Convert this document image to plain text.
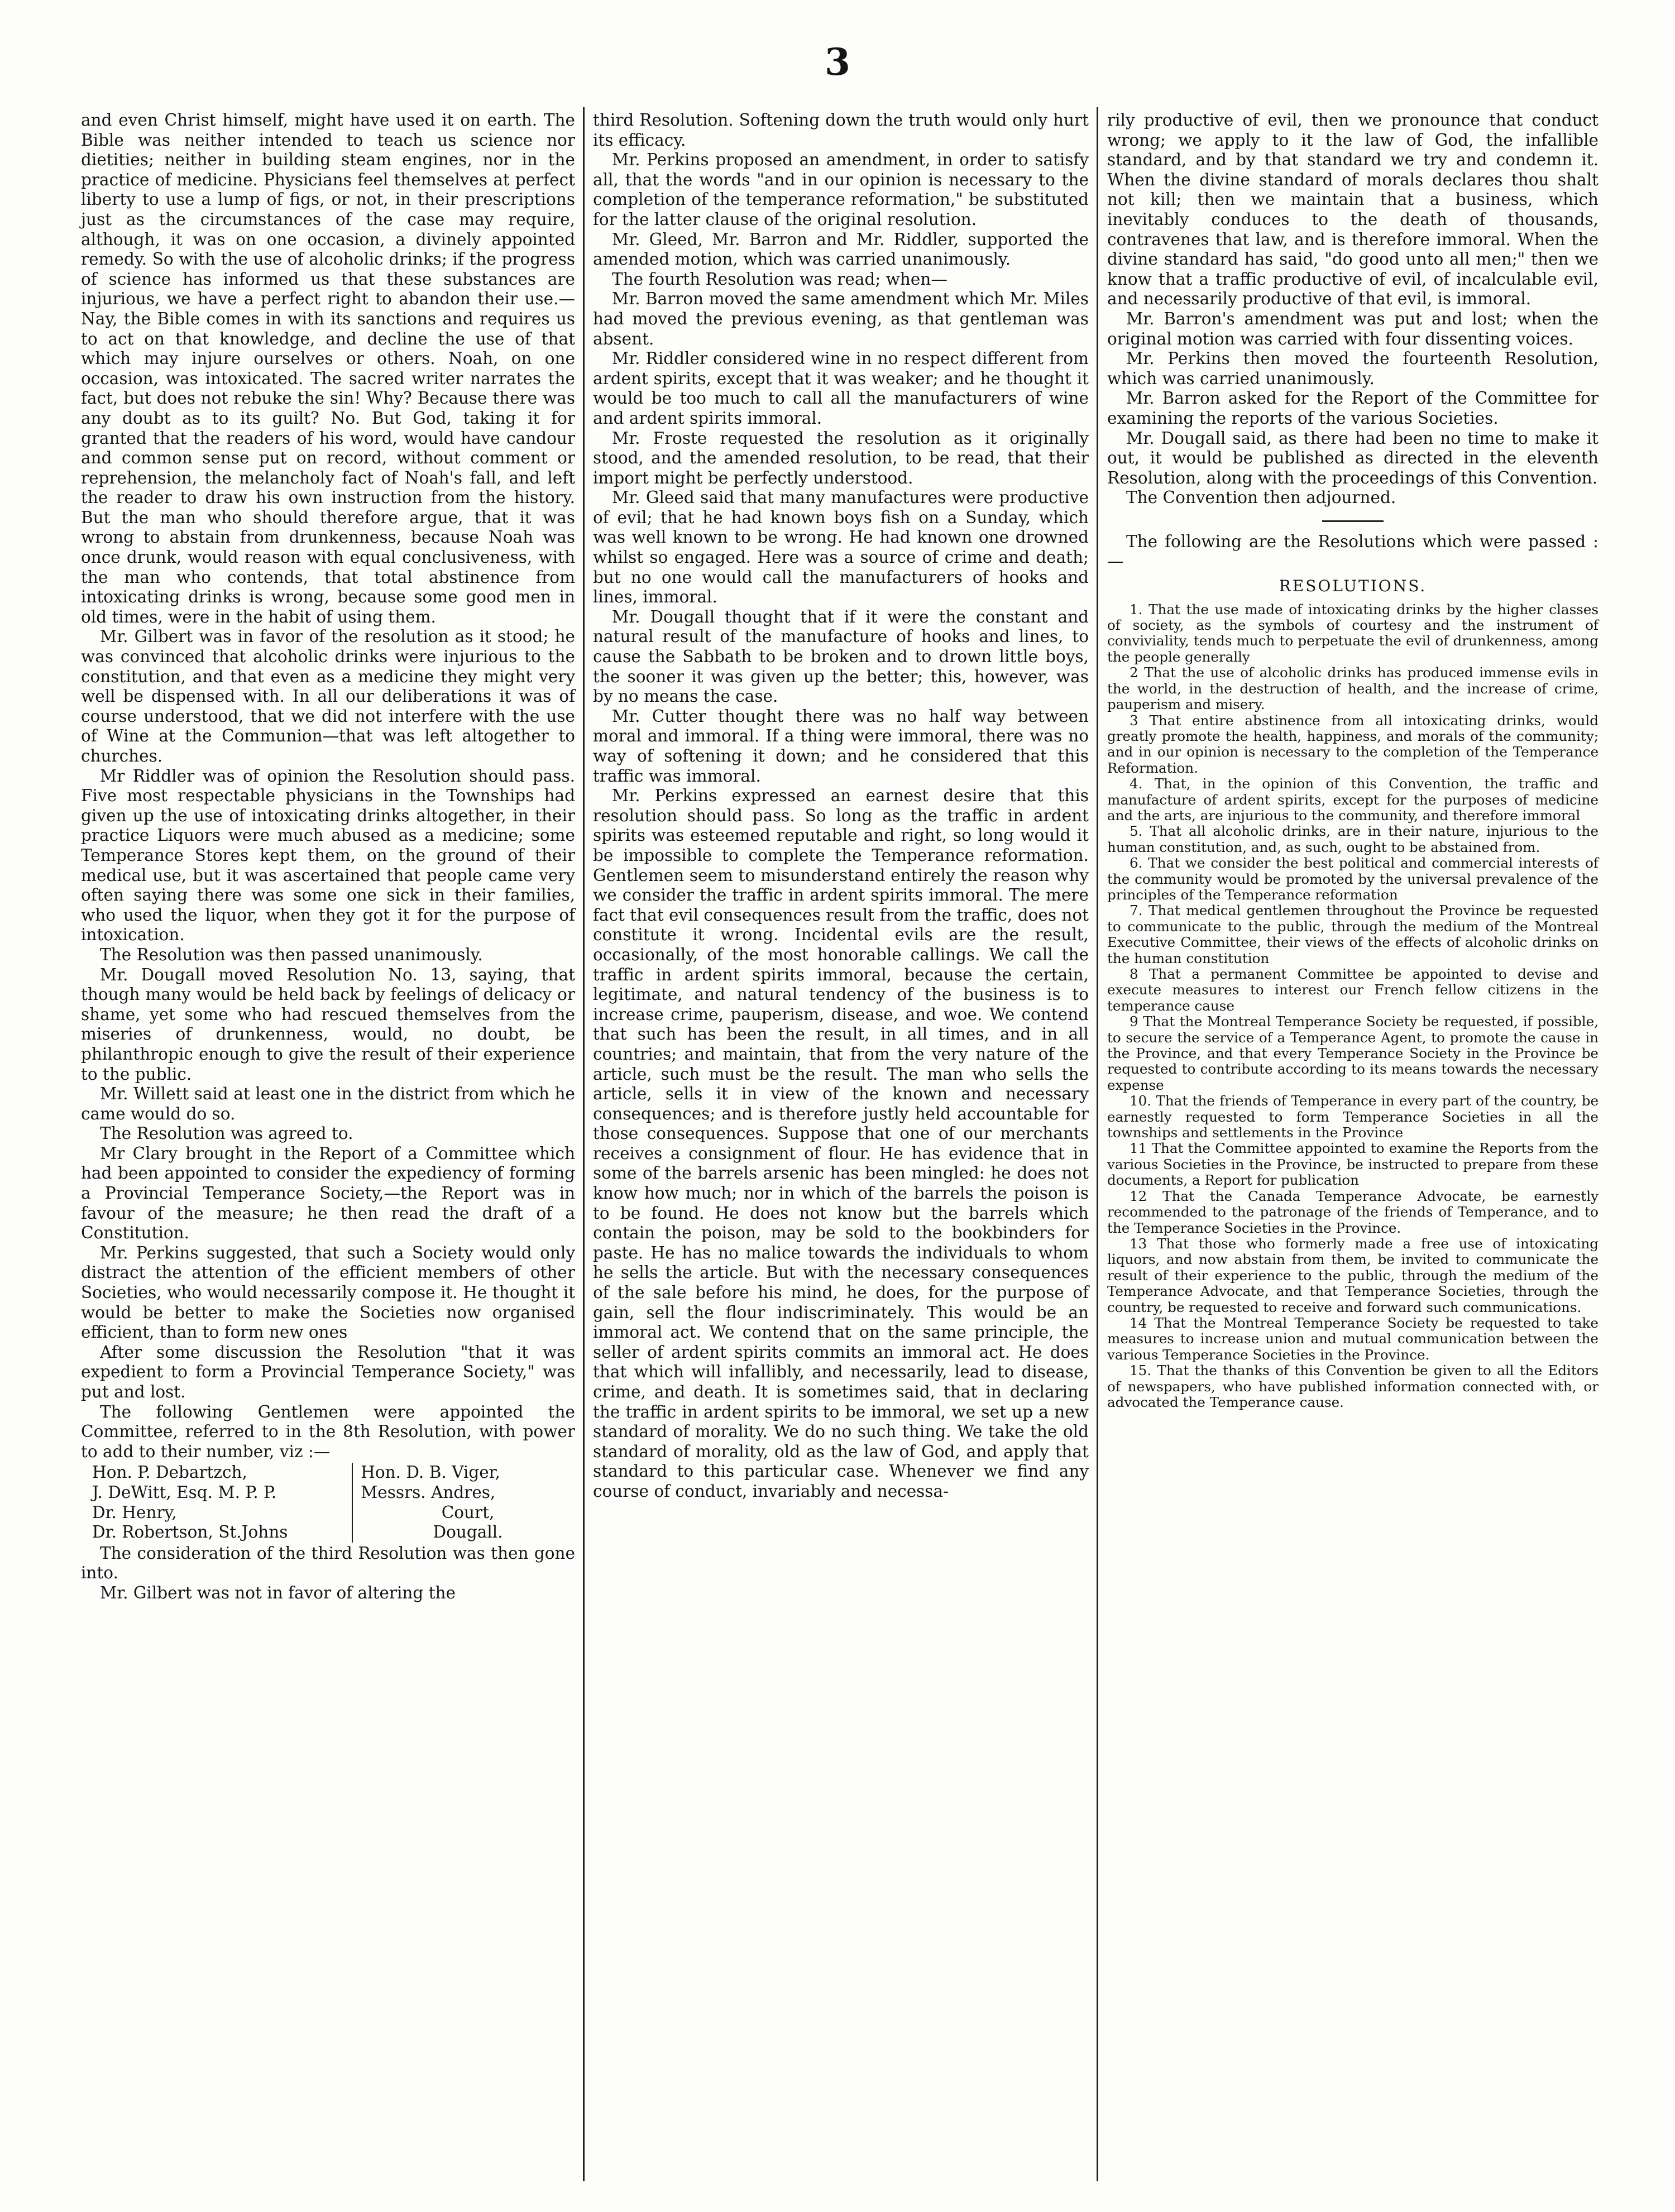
3

and even Christ himself, might have used it on earth. The Bible was neither intended to teach us science nor dietities; neither in building steam engines, nor in the practice of medicine. Physicians feel themselves at perfect liberty to use a lump of figs, or not, in their prescriptions just as the circumstances of the case may require, although, it was on one occasion, a divinely appointed remedy. So with the use of alcoholic drinks; if the progress of science has informed us that these substances are injurious, we have a perfect right to abandon their use.—Nay, the Bible comes in with its sanctions and requires us to act on that knowledge, and decline the use of that which may injure ourselves or others. Noah, on one occasion, was intoxicated. The sacred writer narrates the fact, but does not rebuke the sin! Why? Because there was any doubt as to its guilt? No. But God, taking it for granted that the readers of his word, would have candour and common sense put on record, without comment or reprehension, the melancholy fact of Noah's fall, and left the reader to draw his own instruction from the history. But the man who should therefore argue, that it was wrong to abstain from drunkenness, because Noah was once drunk, would reason with equal conclusiveness, with the man who contends, that total abstinence from intoxicating drinks is wrong, because some good men in old times, were in the habit of using them.

Mr. Gilbert was in favor of the resolution as it stood; he was convinced that alcoholic drinks were injurious to the constitution, and that even as a medicine they might very well be dispensed with. In all our deliberations it was of course understood, that we did not interfere with the use of Wine at the Communion—that was left altogether to churches.

Mr Riddler was of opinion the Resolution should pass. Five most respectable physicians in the Townships had given up the use of intoxicating drinks altogether, in their practice Liquors were much abused as a medicine; some Temperance Stores kept them, on the ground of their medical use, but it was ascertained that people came very often saying there was some one sick in their families, who used the liquor, when they got it for the purpose of intoxication.

The Resolution was then passed unanimously.

Mr. Dougall moved Resolution No. 13, saying, that though many would be held back by feelings of delicacy or shame, yet some who had rescued themselves from the miseries of drunkenness, would, no doubt, be philanthropic enough to give the result of their experience to the public.

Mr. Willett said at least one in the district from which he came would do so.

The Resolution was agreed to.

Mr Clary brought in the Report of a Committee which had been appointed to consider the expediency of forming a Provincial Temperance Society,—the Report was in favour of the measure; he then read the draft of a Constitution.

Mr. Perkins suggested, that such a Society would only distract the attention of the efficient members of other Societies, who would necessarily compose it. He thought it would be better to make the Societies now organised efficient, than to form new ones

After some discussion the Resolution "that it was expedient to form a Provincial Temperance Society," was put and lost.

The following Gentlemen were appointed the Committee, referred to in the 8th Resolution, with power to add to their number, viz :—

Hon. P. Debartzch,
J. DeWitt, Esq. M. P. P.
Dr. Henry,
Dr. Robertson, St.Johns
Hon. D. B. Viger,
Messrs. Andres,
Court,
Dougall.

The consideration of the third Resolution was then gone into.

Mr. Gilbert was not in favor of altering the

third Resolution. Softening down the truth would only hurt its efficacy.

Mr. Perkins proposed an amendment, in order to satisfy all, that the words "and in our opinion is necessary to the completion of the temperance reformation," be substituted for the latter clause of the original resolution.

Mr. Gleed, Mr. Barron and Mr. Riddler, supported the amended motion, which was carried unanimously.

The fourth Resolution was read; when—

Mr. Barron moved the same amendment which Mr. Miles had moved the previous evening, as that gentleman was absent.

Mr. Riddler considered wine in no respect different from ardent spirits, except that it was weaker; and he thought it would be too much to call all the manufacturers of wine and ardent spirits immoral.

Mr. Froste requested the resolution as it originally stood, and the amended resolution, to be read, that their import might be perfectly understood.

Mr. Gleed said that many manufactures were productive of evil; that he had known boys fish on a Sunday, which was well known to be wrong. He had known one drowned whilst so engaged. Here was a source of crime and death; but no one would call the manufacturers of hooks and lines, immoral.

Mr. Dougall thought that if it were the constant and natural result of the manufacture of hooks and lines, to cause the Sabbath to be broken and to drown little boys, the sooner it was given up the better; this, however, was by no means the case.

Mr. Cutter thought there was no half way between moral and immoral. If a thing were immoral, there was no way of softening it down; and he considered that this traffic was immoral.

Mr. Perkins expressed an earnest desire that this resolution should pass. So long as the traffic in ardent spirits was esteemed reputable and right, so long would it be impossible to complete the Temperance reformation. Gentlemen seem to misunderstand entirely the reason why we consider the traffic in ardent spirits immoral. The mere fact that evil consequences result from the traffic, does not constitute it wrong. Incidental evils are the result, occasionally, of the most honorable callings. We call the traffic in ardent spirits immoral, because the certain, legitimate, and natural tendency of the business is to increase crime, pauperism, disease, and woe. We contend that such has been the result, in all times, and in all countries; and maintain, that from the very nature of the article, such must be the result. The man who sells the article, sells it in view of the known and necessary consequences; and is therefore justly held accountable for those consequences. Suppose that one of our merchants receives a consignment of flour. He has evidence that in some of the barrels arsenic has been mingled: he does not know how much; nor in which of the barrels the poison is to be found. He does not know but the barrels which contain the poison, may be sold to the bookbinders for paste. He has no malice towards the individuals to whom he sells the article. But with the necessary consequences of the sale before his mind, he does, for the purpose of gain, sell the flour indiscriminately. This would be an immoral act. We contend that on the same principle, the seller of ardent spirits commits an immoral act. He does that which will infallibly, and necessarily, lead to disease, crime, and death. It is sometimes said, that in declaring the traffic in ardent spirits to be immoral, we set up a new standard of morality. We do no such thing. We take the old standard of morality, old as the law of God, and apply that standard to this particular case. Whenever we find any course of conduct, invariably and necessa-

rily productive of evil, then we pronounce that conduct wrong; we apply to it the law of God, the infallible standard, and by that standard we try and condemn it. When the divine standard of morals declares thou shalt not kill; then we maintain that a business, which inevitably conduces to the death of thousands, contravenes that law, and is therefore immoral. When the divine standard has said, "do good unto all men;" then we know that a traffic productive of evil, of incalculable evil, and necessarily productive of that evil, is immoral.

Mr. Barron's amendment was put and lost; when the original motion was carried with four dissenting voices.

Mr. Perkins then moved the fourteenth Resolution, which was carried unanimously.

Mr. Barron asked for the Report of the Committee for examining the reports of the various Societies.

Mr. Dougall said, as there had been no time to make it out, it would be published as directed in the eleventh Resolution, along with the proceedings of this Convention.

The Convention then adjourned.

The following are the Resolutions which were passed :—

RESOLUTIONS.

1. That the use made of intoxicating drinks by the higher classes of society, as the symbols of courtesy and the instrument of conviviality, tends much to perpetuate the evil of drunkenness, among the people generally

2 That the use of alcoholic drinks has produced immense evils in the world, in the destruction of health, and the increase of crime, pauperism and misery.

3 That entire abstinence from all intoxicating drinks, would greatly promote the health, happiness, and morals of the community; and in our opinion is necessary to the completion of the Temperance Reformation.

4. That, in the opinion of this Convention, the traffic and manufacture of ardent spirits, except for the purposes of medicine and the arts, are injurious to the community, and therefore immoral

5. That all alcoholic drinks, are in their nature, injurious to the human constitution, and, as such, ought to be abstained from.

6. That we consider the best political and commercial interests of the community would be promoted by the universal prevalence of the principles of the Temperance reformation

7. That medical gentlemen throughout the Province be requested to communicate to the public, through the medium of the Montreal Executive Committee, their views of the effects of alcoholic drinks on the human constitution

8 That a permanent Committee be appointed to devise and execute measures to interest our French fellow citizens in the temperance cause

9 That the Montreal Temperance Society be requested, if possible, to secure the service of a Temperance Agent, to promote the cause in the Province, and that every Temperance Society in the Province be requested to contribute according to its means towards the necessary expense

10. That the friends of Temperance in every part of the country, be earnestly requested to form Temperance Societies in all the townships and settlements in the Province

11 That the Committee appointed to examine the Reports from the various Societies in the Province, be instructed to prepare from these documents, a Report for publication

12 That the Canada Temperance Advocate, be earnestly recommended to the patronage of the friends of Temperance, and to the Temperance Societies in the Province.

13 That those who formerly made a free use of intoxicating liquors, and now abstain from them, be invited to communicate the result of their experience to the public, through the medium of the Temperance Advocate, and that Temperance Societies, through the country, be requested to receive and forward such communications.

14 That the Montreal Temperance Society be requested to take measures to increase union and mutual communication between the various Temperance Societies in the Province.

15. That the thanks of this Convention be given to all the Editors of newspapers, who have published information connected with, or advocated the Temperance cause.
